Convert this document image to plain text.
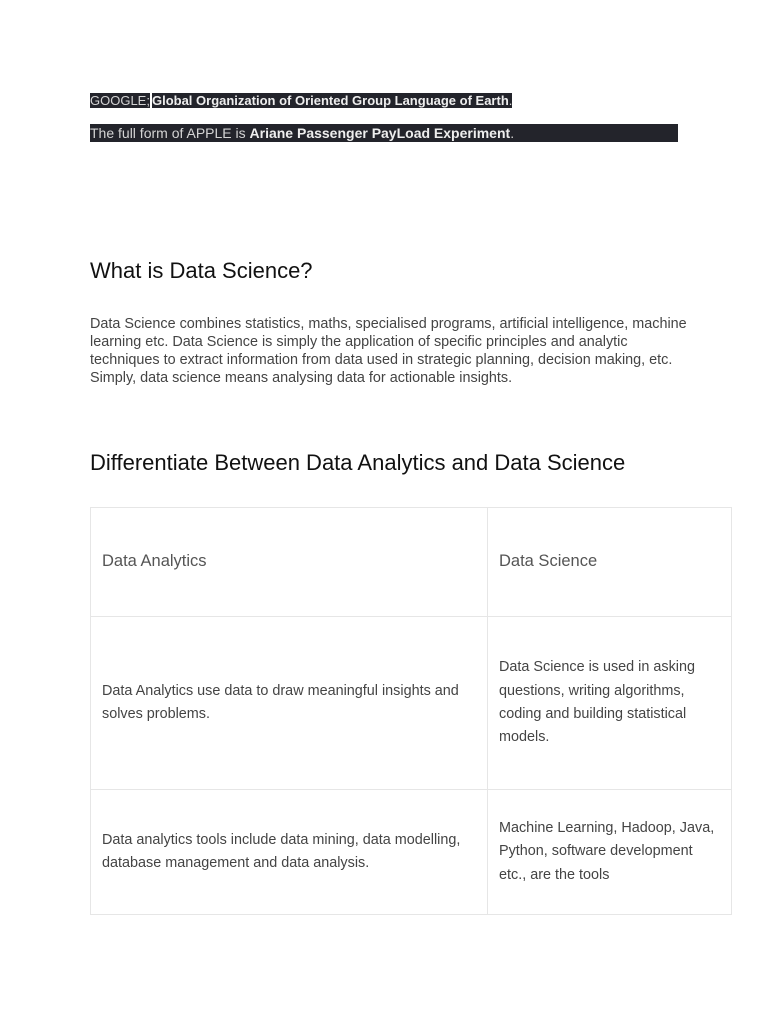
GOOGLE; Global Organization of Oriented Group Language of Earth.
The full form of APPLE is Ariane Passenger PayLoad Experiment.
What is Data Science?

Data Science combines statistics, maths, specialised programs, artificial intelligence, machine learning etc. Data Science is simply the application of specific principles and analytic techniques to extract information from data used in strategic planning, decision making, etc. Simply, data science means analysing data for actionable insights.

Differentiate Between Data Analytics and Data Science
Data Analytics	Data Science
Data Analytics use data to draw meaningful insights and solves problems.	Data Science is used in asking questions, writing algorithms, coding and building statistical models.
Data analytics tools include data mining, data modelling, database management and data analysis.	Machine Learning, Hadoop, Java, Python, software development etc., are the tools
